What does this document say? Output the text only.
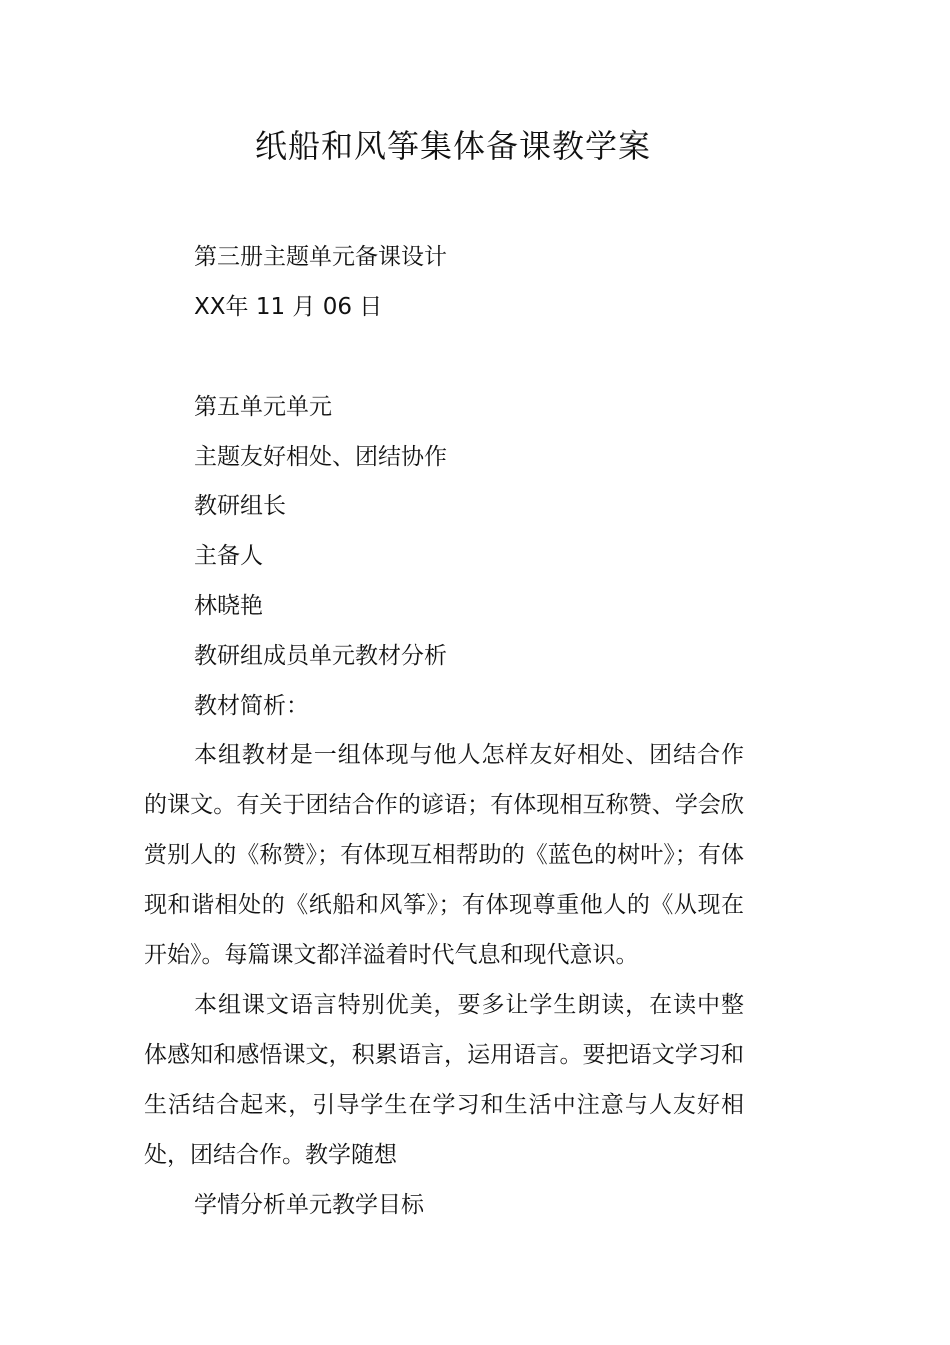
纸船和风筝集体备课教学案
第三册主题单元备课设计
XX年 11 月 06 日
第五单元单元
主题友好相处、团结协作
教研组长
主备人
林晓艳
教研组成员单元教材分析
教材简析：
本组教材是一组体现与他人怎样友好相处、团结合作的课文。有关于团结合作的谚语；有体现相互称赞、学会欣赏别人的《称赞》；有体现互相帮助的《蓝色的树叶》；有体现和谐相处的《纸船和风筝》；有体现尊重他人的《从现在开始》。每篇课文都洋溢着时代气息和现代意识。
本组课文语言特别优美，要多让学生朗读，在读中整体感知和感悟课文，积累语言，运用语言。要把语文学习和生活结合起来，引导学生在学习和生活中注意与人友好相处，团结合作。教学随想
学情分析单元教学目标
